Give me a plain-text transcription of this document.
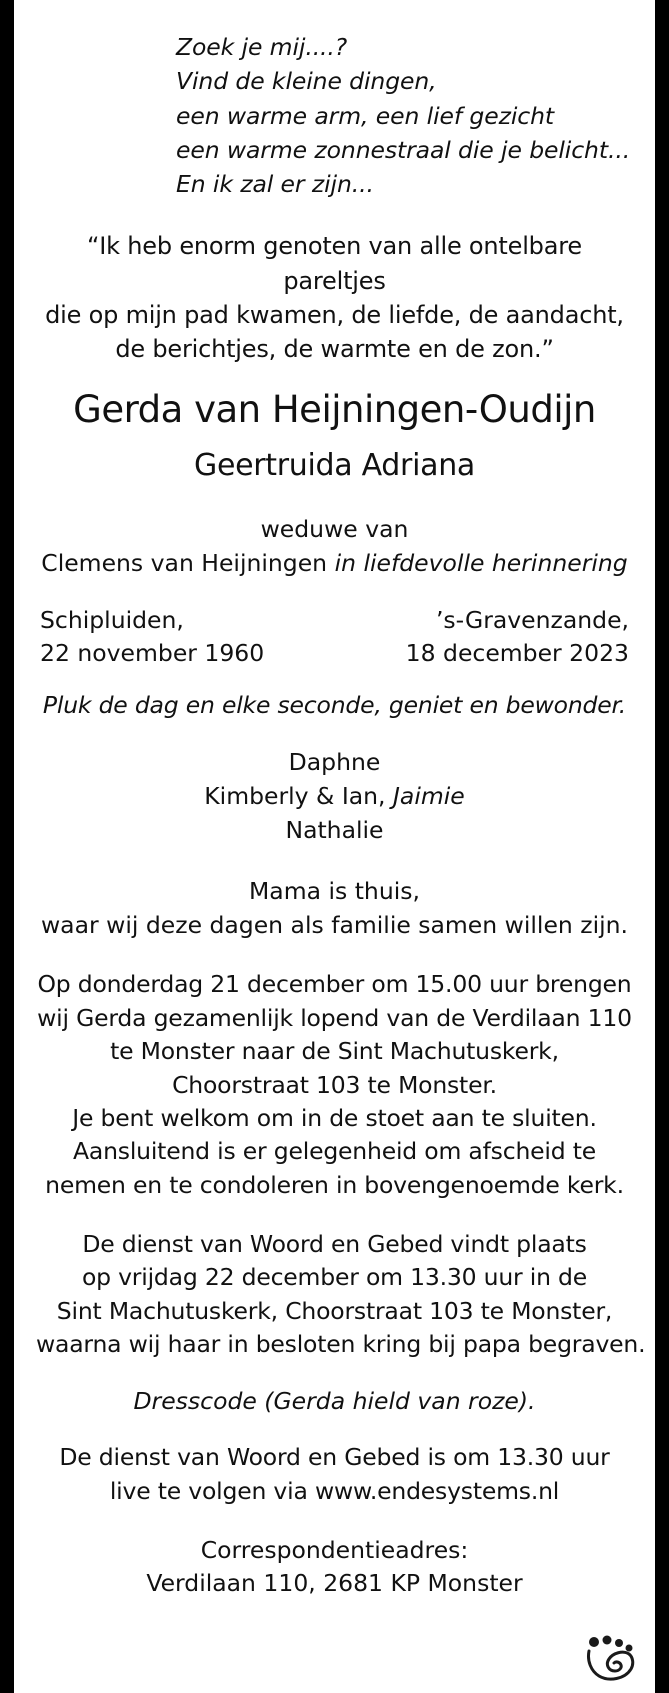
Zoek je mij....?
Vind de kleine dingen,
een warme arm, een lief gezicht
een warme zonnestraal die je belicht...
En ik zal er zijn...
“Ik heb enorm genoten van alle ontelbare pareltjes
die op mijn pad kwamen, de liefde, de aandacht,
de berichtjes, de warmte en de zon.”
Gerda van Heijningen-Oudijn
Geertruida Adriana
weduwe van
Clemens van Heijningen in liefdevolle herinnering
Schipluiden,
22 november 1960
’s-Gravenzande,
18 december 2023
Pluk de dag en elke seconde, geniet en bewonder.
Daphne
Kimberly & Ian, Jaimie
Nathalie
Mama is thuis,
waar wij deze dagen als familie samen willen zijn.
Op donderdag 21 december om 15.00 uur brengen
wij Gerda gezamenlijk lopend van de Verdilaan 110
te Monster naar de Sint Machutuskerk,
Choorstraat 103 te Monster.
Je bent welkom om in de stoet aan te sluiten.
Aansluitend is er gelegenheid om afscheid te
nemen en te condoleren in bovengenoemde kerk.
De dienst van Woord en Gebed vindt plaats
op vrijdag 22 december om 13.30 uur in de
Sint Machutuskerk, Choorstraat 103 te Monster,
waarna wij haar in besloten kring bij papa begraven.
Dresscode (Gerda hield van roze).
De dienst van Woord en Gebed is om 13.30 uur
live te volgen via www.endesystems.nl
Correspondentieadres:
Verdilaan 110, 2681 KP Monster
